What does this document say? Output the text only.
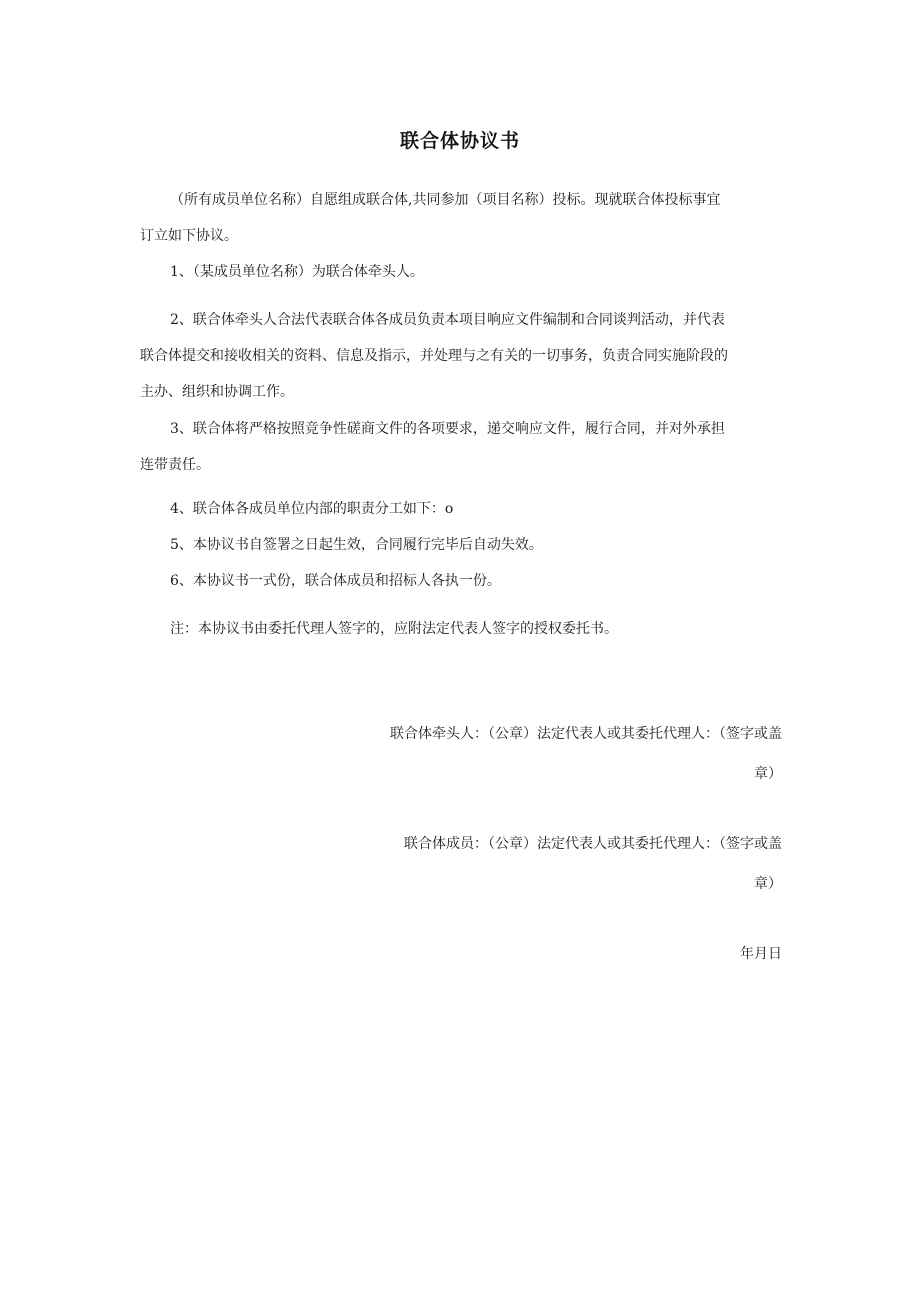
联合体协议书

（所有成员单位名称）自愿组成联合体,共同参加（项目名称）投标。现就联合体投标事宜

订立如下协议。

1、（某成员单位名称）为联合体牵头人。

2、联合体牵头人合法代表联合体各成员负责本项目响应文件编制和合同谈判活动，并代表

联合体提交和接收相关的资料、信息及指示，并处理与之有关的一切事务，负责合同实施阶段的

主办、组织和协调工作。

3、联合体将严格按照竞争性磋商文件的各项要求，递交响应文件，履行合同，并对外承担

连带责任。

4、联合体各成员单位内部的职责分工如下：o

5、本协议书自签署之日起生效，合同履行完毕后自动失效。

6、本协议书一式份，联合体成员和招标人各执一份。

注：本协议书由委托代理人签字的，应附法定代表人签字的授权委托书。

联合体牵头人：（公章）法定代表人或其委托代理人：（签字或盖
章）
联合体成员：（公章）法定代表人或其委托代理人：（签字或盖
章）
年月日
